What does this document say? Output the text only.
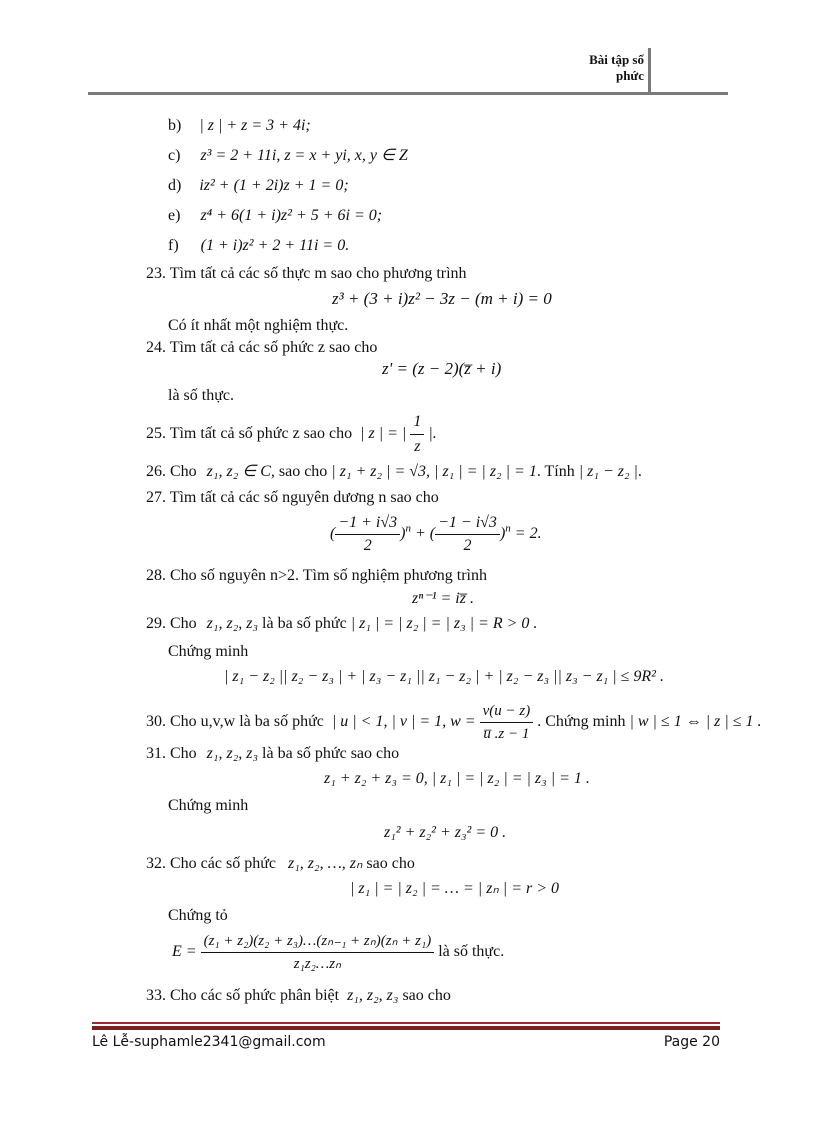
Bài tập số phức
b) | z | + z = 3 + 4i;
c) z³ = 2 + 11i, z = x + yi, x, y ∈ Z
d) iz² + (1 + 2i)z + 1 = 0;
e) z⁴ + 6(1 + i)z² + 5 + 6i = 0;
f) (1 + i)z² + 2 + 11i = 0.
23. Tìm tất cả các số thực m sao cho phương trình
z³ + (3 + i)z² − 3z − (m + i) = 0
Có ít nhất một nghiệm thực.
24. Tìm tất cả các số phức z sao cho
z' = (z − 2)(z̅ + i)
là số thực.
25. Tìm tất cả số phức z sao cho | z | = | $\frac{1}{z}$ |.
26. Cho z₁, z₂ ∈ C, sao cho | z₁ + z₂ | = √3, | z₁ | = | z₂ | = 1. Tính | z₁ − z₂ |.
27. Tìm tất cả các số nguyên dương n sao cho
( $\frac{-1 + i√3}{2} )^n$ + ( $\frac{-1 - i√3}{2} )^n = 2$.
28. Cho số nguyên n>2. Tìm số nghiệm phương trình
zⁿ⁻¹ = iz̅ .
29. Cho z₁, z₂, z₃ là ba số phức | z₁ | = | z₂ | = | z₃ | = R > 0 .
Chứng minh
| z₁ − z₂ || z₂ − z₃ | + | z₃ − z₁ || z₁ − z₂ | + | z₂ − z₃ || z₃ − z₁ | ≤ 9R² .
30. Cho u,v,w là ba số phức | u | < 1, | v | = 1, $w = \frac{v(u - z)}{u̅ .z - 1}$ . Chứng minh | w | ≤ 1 ⇔ | z | ≤ 1 .
31. Cho z₁, z₂, z₃ là ba số phức sao cho
z₁ + z₂ + z₃ = 0, | z₁ | = | z₂ | = | z₃ | = 1 .
Chứng minh
z₁² + z₂² + z₃² = 0 .
32. Cho các số phức z₁, z₂, …, zₙ sao cho
| z₁ | = | z₂ | = … = | zₙ | = r > 0
Chứng tỏ
$E = \frac{\text{(z₁ + z₂)(z₂ + z₃)…(zₙ₋₁ + zₙ)(zₙ + z₁)}}{\text{z₁z₂…zₙ}}$ là số thực.
33. Cho các số phức phân biệt z₁, z₂, z₃ sao cho
Lê Lễ-suphamle2341@gmail.com	Page 20
